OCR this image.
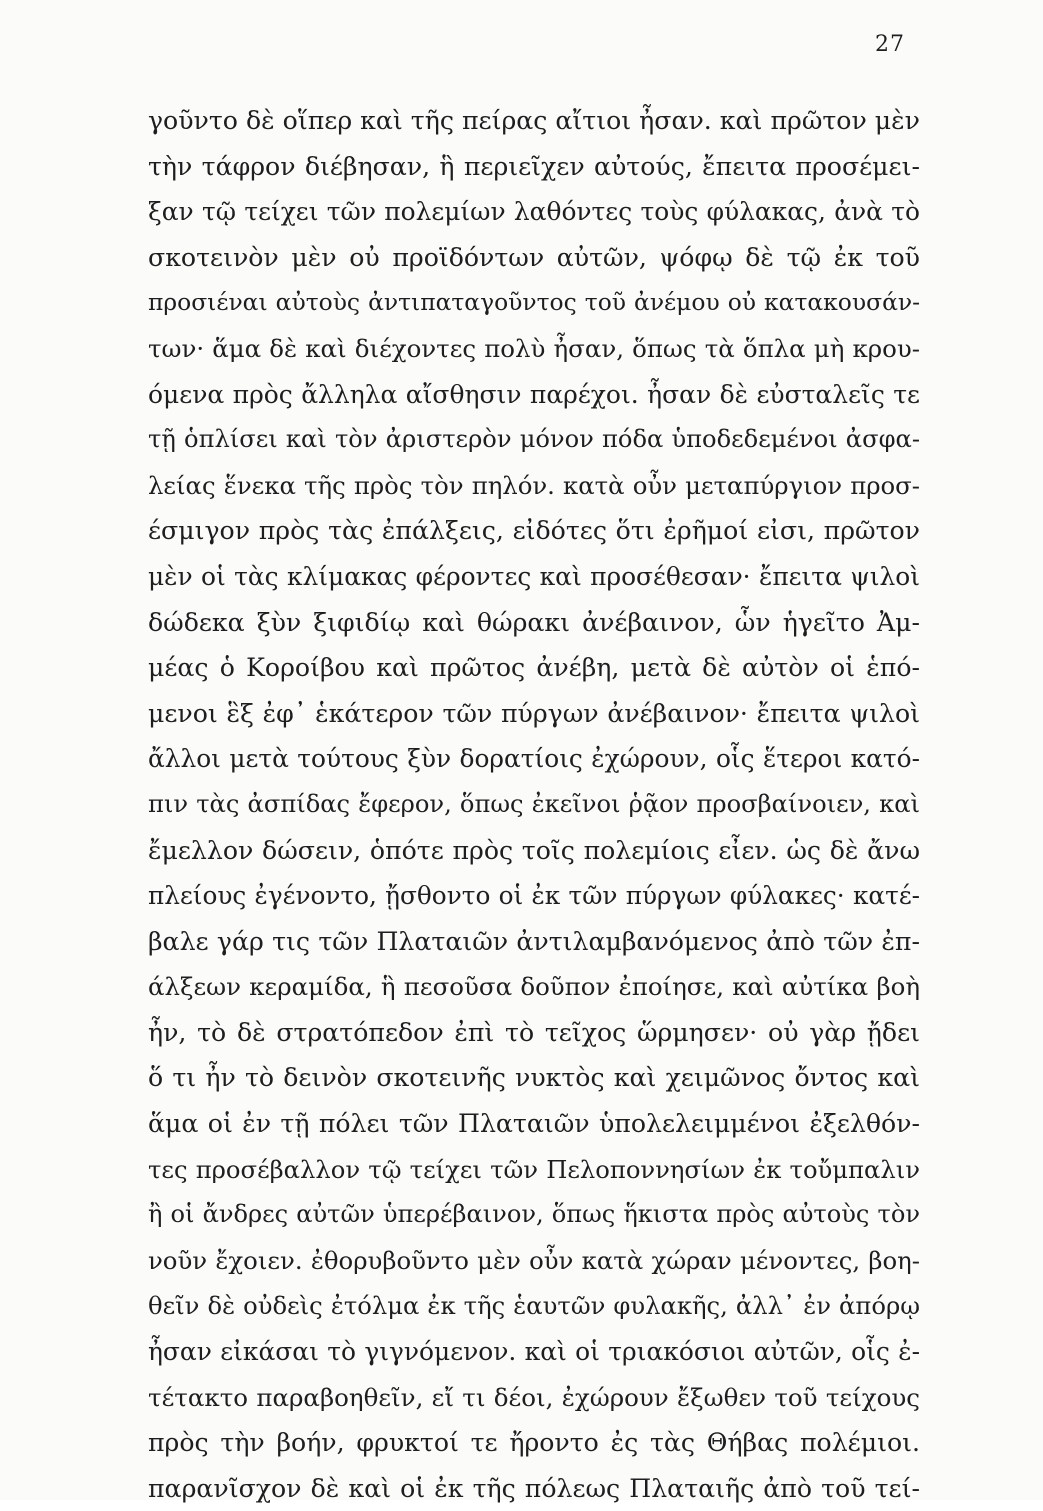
27
γοῦντο δὲ οἵπερ καὶ τῆς πείρας αἴτιοι ἦσαν. καὶ πρῶτον μὲν
τὴν τάφρον διέβησαν, ἣ περιεῖχεν αὐτούς, ἔπειτα προσέμει-
ξαν τῷ τείχει τῶν πολεμίων λαθόντες τοὺς φύλακας, ἀνὰ τὸ
σκοτεινὸν μὲν οὐ προϊδόντων αὐτῶν, ψόφῳ δὲ τῷ ἐκ τοῦ
προσιέναι αὐτοὺς ἀντιπαταγοῦντος τοῦ ἀνέμου οὐ κατακουσάν-
των· ἅμα δὲ καὶ διέχοντες πολὺ ἦσαν, ὅπως τὰ ὅπλα μὴ κρου-
όμενα πρὸς ἄλληλα αἴσθησιν παρέχοι. ἦσαν δὲ εὐσταλεῖς τε
τῇ ὁπλίσει καὶ τὸν ἀριστερὸν μόνον πόδα ὑποδεδεμένοι ἀσφα-
λείας ἕνεκα τῆς πρὸς τὸν πηλόν. κατὰ οὖν μεταπύργιον προσ-
έσμιγον πρὸς τὰς ἐπάλξεις, εἰδότες ὅτι ἐρῆμοί εἰσι, πρῶτον
μὲν οἱ τὰς κλίμακας φέροντες καὶ προσέθεσαν· ἔπειτα ψιλοὶ
δώδεκα ξὺν ξιφιδίῳ καὶ θώρακι ἀνέβαινον, ὧν ἡγεῖτο Ἀμ-
μέας ὁ Κοροίβου καὶ πρῶτος ἀνέβη, μετὰ δὲ αὐτὸν οἱ ἑπό-
μενοι ἓξ ἐφ᾽ ἑκάτερον τῶν πύργων ἀνέβαινον· ἔπειτα ψιλοὶ
ἄλλοι μετὰ τούτους ξὺν δορατίοις ἐχώρουν, οἷς ἕτεροι κατό-
πιν τὰς ἀσπίδας ἔφερον, ὅπως ἐκεῖνοι ῥᾷον προσβαίνοιεν, καὶ
ἔμελλον δώσειν, ὁπότε πρὸς τοῖς πολεμίοις εἶεν. ὡς δὲ ἄνω
πλείους ἐγένοντο, ᾔσθοντο οἱ ἐκ τῶν πύργων φύλακες· κατέ-
βαλε γάρ τις τῶν Πλαταιῶν ἀντιλαμβανόμενος ἀπὸ τῶν ἐπ-
άλξεων κεραμίδα, ἣ πεσοῦσα δοῦπον ἐποίησε, καὶ αὐτίκα βοὴ
ἦν, τὸ δὲ στρατόπεδον ἐπὶ τὸ τεῖχος ὥρμησεν· οὐ γὰρ ᾔδει
ὅ τι ἦν τὸ δεινὸν σκοτεινῆς νυκτὸς καὶ χειμῶνος ὄντος καὶ
ἅμα οἱ ἐν τῇ πόλει τῶν Πλαταιῶν ὑπολελειμμένοι ἐξελθόν-
τες προσέβαλλον τῷ τείχει τῶν Πελοποννησίων ἐκ τοὔμπαλιν
ἢ οἱ ἄνδρες αὐτῶν ὑπερέβαινον, ὅπως ἥκιστα πρὸς αὐτοὺς τὸν
νοῦν ἔχοιεν. ἐθορυβοῦντο μὲν οὖν κατὰ χώραν μένοντες, βοη-
θεῖν δὲ οὐδεὶς ἐτόλμα ἐκ τῆς ἑαυτῶν φυλακῆς, ἀλλ᾽ ἐν ἀπόρῳ
ἦσαν εἰκάσαι τὸ γιγνόμενον. καὶ οἱ τριακόσιοι αὐτῶν, οἷς ἐ-
τέτακτο παραβοηθεῖν, εἴ τι δέοι, ἐχώρουν ἔξωθεν τοῦ τείχους
πρὸς τὴν βοήν, φρυκτοί τε ἤροντο ἐς τὰς Θήβας πολέμιοι.
παρανῖσχον δὲ καὶ οἱ ἐκ τῆς πόλεως Πλαταιῆς ἀπὸ τοῦ τεί-
